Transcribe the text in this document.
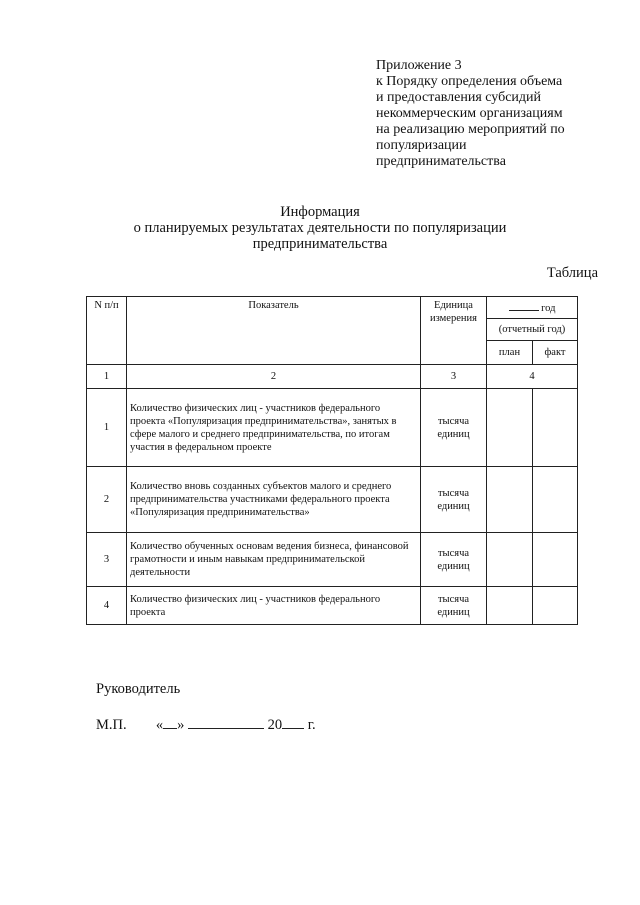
Приложение 3
к Порядку определения объема
и предоставления субсидий
некоммерческим организациям
на реализацию мероприятий по
популяризации
предпринимательства
Информация
о планируемых результатах деятельности по популяризации
предпринимательства
Таблица
N п/п	Показатель	Единица измерения	год	
			(отчетный год)	
			план	факт
1	2	3	4	
1	Количество физических лиц - участников федерального проекта «Популяризация предпринимательства», занятых в сфере малого и среднего предпринимательства, по итогам участия в федеральном проекте	тысяча единиц		
2	Количество вновь созданных субъектов малого и среднего предпринимательства участниками федерального проекта «Популяризация предпринимательства»	тысяча единиц		
3	Количество обученных основам ведения бизнеса, финансовой грамотности и иным навыкам предпринимательской деятельности	тысяча единиц		
4	Количество физических лиц - участников федерального проекта	тысяча единиц		
Руководитель
М.П. « »	20 г.
